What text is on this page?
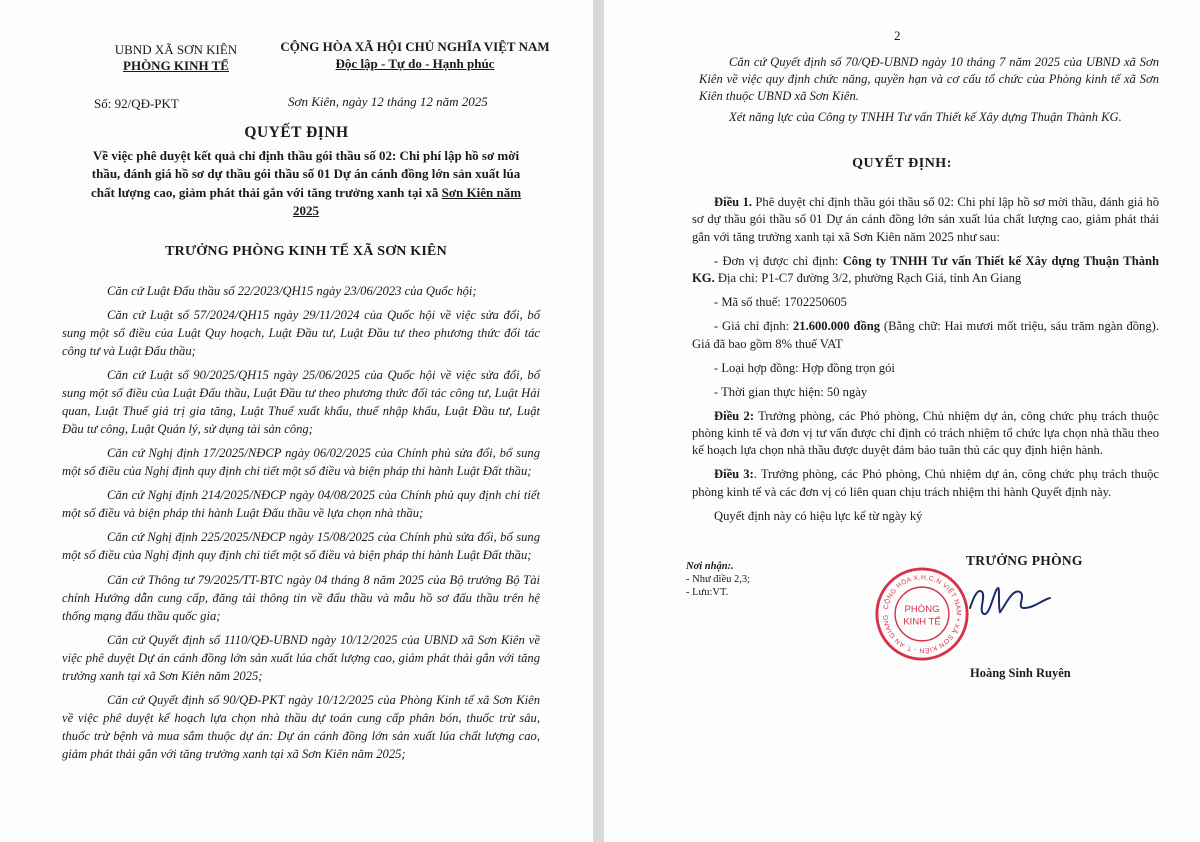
UBND XÃ SƠN KIÊN
PHÒNG KINH TẾ
CỘNG HÒA XÃ HỘI CHỦ NGHĨA VIỆT NAM
Độc lập - Tự do - Hạnh phúc
Số: 92/QĐ-PKT	Sơn Kiên, ngày 12 tháng 12 năm 2025
QUYẾT ĐỊNH
Về việc phê duyệt kết quả chỉ định thầu gói thầu số 02: Chi phí lập hồ sơ mời thầu, đánh giá hồ sơ dự thầu gói thầu số 01 Dự án cánh đồng lớn sản xuất lúa chất lượng cao, giảm phát thải gắn với tăng trưởng xanh tại xã Sơn Kiên năm 2025
TRƯỞNG PHÒNG KINH TẾ XÃ SƠN KIÊN

Căn cứ Luật Đấu thầu số 22/2023/QH15 ngày 23/06/2023 của Quốc hội;

Căn cứ Luật số 57/2024/QH15 ngày 29/11/2024 của Quốc hội về việc sửa đổi, bổ sung một số điều của Luật Quy hoạch, Luật Đầu tư, Luật Đầu tư theo phương thức đối tác công tư và Luật Đấu thầu;

Căn cứ Luật số 90/2025/QH15 ngày 25/06/2025 của Quốc hội về việc sửa đổi, bổ sung một số điều của Luật Đấu thầu, Luật Đầu tư theo phương thức đối tác công tư, Luật Hải quan, Luật Thuế giá trị gia tăng, Luật Thuế xuất khẩu, thuế nhập khẩu, Luật Đầu tư, Luật Đầu tư công, Luật Quản lý, sử dụng tài sản công;

Căn cứ Nghị định 17/2025/NĐCP ngày 06/02/2025 của Chính phủ sửa đổi, bổ sung một số điều của Nghị định quy định chi tiết một số điều và biện pháp thi hành Luật Đất thầu;

Căn cứ Nghị định 214/2025/NĐCP ngày 04/08/2025 của Chính phủ quy định chi tiết một số điều và biện pháp thi hành Luật Đấu thầu về lựa chọn nhà thầu;

Căn cứ Nghị định 225/2025/NĐCP ngày 15/08/2025 của Chính phủ sửa đổi, bổ sung một số điều của Nghị định quy định chi tiết một số điều và biện pháp thi hành Luật Đất thầu;

Căn cứ Thông tư 79/2025/TT-BTC ngày 04 tháng 8 năm 2025 của Bộ trưởng Bộ Tài chính Hướng dẫn cung cấp, đăng tải thông tin về đấu thầu và mẫu hồ sơ đấu thầu trên hệ thống mạng đấu thầu quốc gia;

Căn cứ Quyết định số 1110/QĐ-UBND ngày 10/12/2025 của UBND xã Sơn Kiên về việc phê duyệt Dự án cánh đồng lớn sản xuất lúa chất lượng cao, giảm phát thải gắn với tăng trưởng xanh tại xã Sơn Kiên năm 2025;

Căn cứ Quyết định số 90/QĐ-PKT ngày 10/12/2025 của Phòng Kinh tế xã Sơn Kiên về việc phê duyệt kế hoạch lựa chọn nhà thầu dự toán cung cấp phân bón, thuốc trừ sâu, thuốc trừ bệnh và mua sắm thuộc dự án: Dự án cánh đồng lớn sản xuất lúa chất lượng cao, giảm phát thải gắn với tăng trưởng xanh tại xã Sơn Kiên năm 2025;

2

Căn cứ Quyết định số 70/QĐ-UBND ngày 10 tháng 7 năm 2025 của UBND xã Sơn Kiên về việc quy định chức năng, quyền hạn và cơ cấu tổ chức của Phòng kinh tế xã Sơn Kiên thuộc UBND xã Sơn Kiên.

Xét năng lực của Công ty TNHH Tư vấn Thiết kế Xây dựng Thuận Thành KG.

QUYẾT ĐỊNH:

Điều 1. Phê duyệt chỉ định thầu gói thầu số 02: Chi phí lập hồ sơ mời thầu, đánh giá hồ sơ dự thầu gói thầu số 01 Dự án cánh đồng lớn sản xuất lúa chất lượng cao, giảm phát thải gắn với tăng trưởng xanh tại xã Sơn Kiên năm 2025 như sau:

- Đơn vị được chỉ định: Công ty TNHH Tư vấn Thiết kế Xây dựng Thuận Thành KG. Địa chỉ: P1-C7 đường 3/2, phường Rạch Giá, tỉnh An Giang

- Mã số thuế: 1702250605

- Giá chỉ định: 21.600.000 đồng (Bằng chữ: Hai mươi mốt triệu, sáu trăm ngàn đồng). Giá đã bao gồm 8% thuế VAT

- Loại hợp đồng: Hợp đồng trọn gói

- Thời gian thực hiện: 50 ngày

Điều 2: Trưởng phòng, các Phó phòng, Chủ nhiệm dự án, công chức phụ trách thuộc phòng kinh tế và đơn vị tư vấn được chỉ định có trách nhiệm tổ chức lựa chọn nhà thầu theo kế hoạch lựa chọn nhà thầu được duyệt đảm bảo tuân thủ các quy định hiện hành.

Điều 3:. Trưởng phòng, các Phó phòng, Chủ nhiệm dự án, công chức phụ trách thuộc phòng kinh tế và các đơn vị có liên quan chịu trách nhiệm thi hành Quyết định này.

Quyết định này có hiệu lực kể từ ngày ký

Nơi nhận:.
- Như điều 2,3;
- Lưu:VT.
TRƯỞNG PHÒNG
CỘNG HÒA X.H.C.N VIỆT NAM • XÃ SƠN KIÊN - T. AN GIANG
PHÒNG
KINH TẾ
Hoàng Sinh Ruyên
